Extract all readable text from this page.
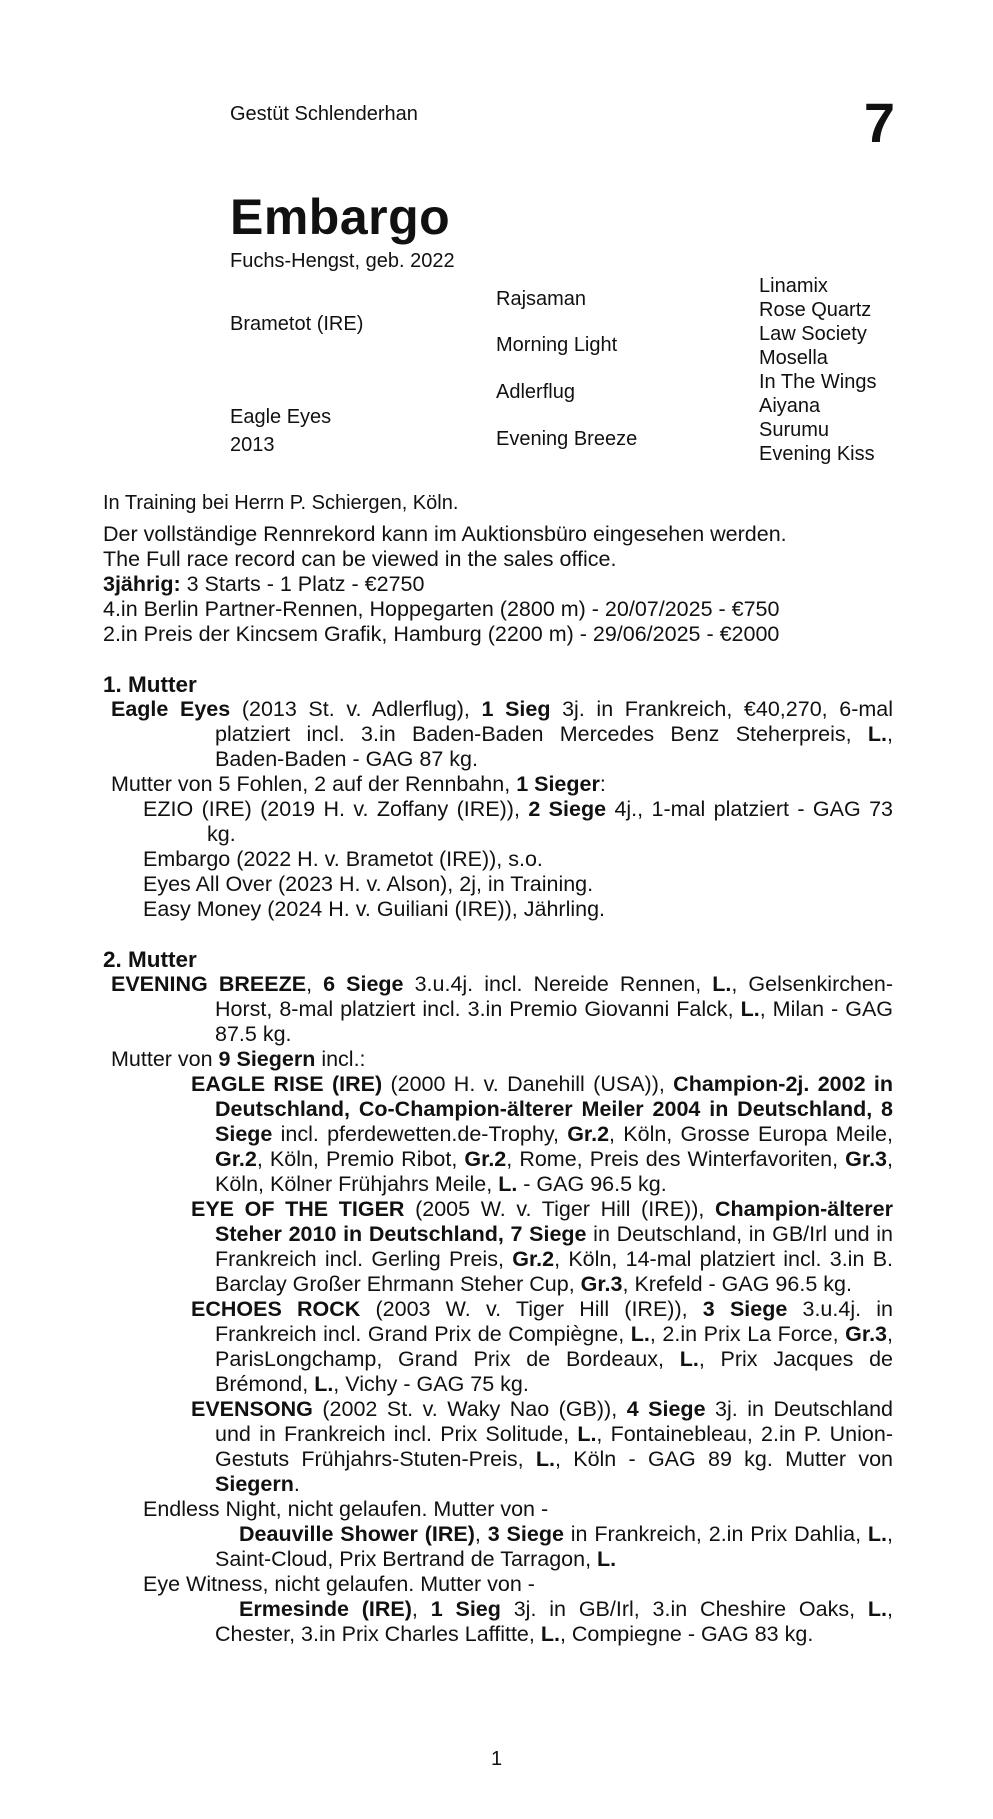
Gestüt Schlenderhan	7
Embargo
Fuchs-Hengst, geb. 2022
Brametot (IRE)
Eagle Eyes
2013
Rajsaman
Morning Light
Adlerflug
Evening Breeze
Linamix
Rose Quartz
Law Society
Mosella
In The Wings
Aiyana
Surumu
Evening Kiss
In Training bei Herrn P. Schiergen, Köln.

Der vollständige Rennrekord kann im Auktionsbüro eingesehen werden.

The Full race record can be viewed in the sales office.

3jährig: 3 Starts - 1 Platz - €2750

4.in Berlin Partner-Rennen, Hoppegarten (2800 m) - 20/07/2025 - €750

2.in Preis der Kincsem Grafik, Hamburg (2200 m) - 29/06/2025 - €2000

1. Mutter

Eagle Eyes (2013 St. v. Adlerflug), 1 Sieg 3j. in Frankreich, €40,270, 6-mal platziert incl. 3.in Baden-Baden Mercedes Benz Steherpreis, L., Baden-Baden - GAG 87 kg.

Mutter von 5 Fohlen, 2 auf der Rennbahn, 1 Sieger:

EZIO (IRE) (2019 H. v. Zoffany (IRE)), 2 Siege 4j., 1-mal platziert - GAG 73 kg.

Embargo (2022 H. v. Brametot (IRE)), s.o.

Eyes All Over (2023 H. v. Alson), 2j, in Training.

Easy Money (2024 H. v. Guiliani (IRE)), Jährling.

2. Mutter

EVENING BREEZE, 6 Siege 3.u.4j. incl. Nereide Rennen, L., Gelsenkirchen-Horst, 8-mal platziert incl. 3.in Premio Giovanni Falck, L., Milan - GAG 87.5 kg.

Mutter von 9 Siegern incl.:

EAGLE RISE (IRE) (2000 H. v. Danehill (USA)), Champion-2j. 2002 in Deutschland, Co-Champion-älterer Meiler 2004 in Deutschland, 8 Siege incl. pferdewetten.de-Trophy, Gr.2, Köln, Grosse Europa Meile, Gr.2, Köln, Premio Ribot, Gr.2, Rome, Preis des Winterfavoriten, Gr.3, Köln, Kölner Frühjahrs Meile, L. - GAG 96.5 kg.

EYE OF THE TIGER (2005 W. v. Tiger Hill (IRE)), Champion-älterer Steher 2010 in Deutschland, 7 Siege in Deutschland, in GB/Irl und in Frankreich incl. Gerling Preis, Gr.2, Köln, 14-mal platziert incl. 3.in B. Barclay Großer Ehrmann Steher Cup, Gr.3, Krefeld - GAG 96.5 kg.

ECHOES ROCK (2003 W. v. Tiger Hill (IRE)), 3 Siege 3.u.4j. in Frankreich incl. Grand Prix de Compiègne, L., 2.in Prix La Force, Gr.3, ParisLongchamp, Grand Prix de Bordeaux, L., Prix Jacques de Brémond, L., Vichy - GAG 75 kg.

EVENSONG (2002 St. v. Waky Nao (GB)), 4 Siege 3j. in Deutschland und in Frankreich incl. Prix Solitude, L., Fontainebleau, 2.in P. Union-Gestuts Frühjahrs-Stuten-Preis, L., Köln - GAG 89 kg. Mutter von Siegern.

Endless Night, nicht gelaufen. Mutter von -

Deauville Shower (IRE), 3 Siege in Frankreich, 2.in Prix Dahlia, L., Saint-Cloud, Prix Bertrand de Tarragon, L.

Eye Witness, nicht gelaufen. Mutter von -

Ermesinde (IRE), 1 Sieg 3j. in GB/Irl, 3.in Cheshire Oaks, L., Chester, 3.in Prix Charles Laffitte, L., Compiegne - GAG 83 kg.

1
